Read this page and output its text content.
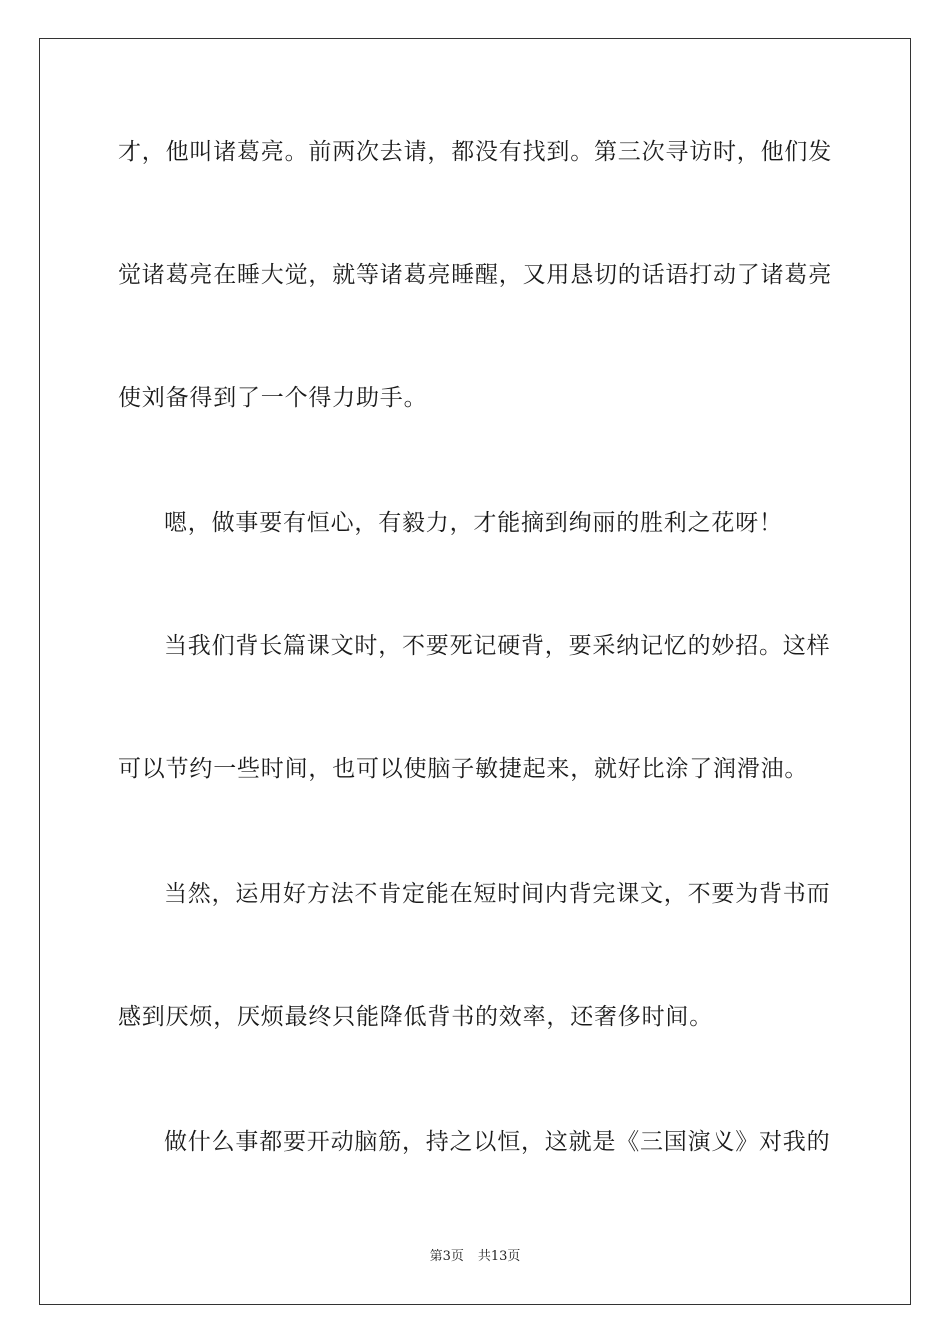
才，他叫诸葛亮。前两次去请，都没有找到。第三次寻访时，他们发
觉诸葛亮在睡大觉，就等诸葛亮睡醒，又用恳切的话语打动了诸葛亮
使刘备得到了一个得力助手。
嗯，做事要有恒心，有毅力，才能摘到绚丽的胜利之花呀！
当我们背长篇课文时，不要死记硬背，要采纳记忆的妙招。这样
可以节约一些时间，也可以使脑子敏捷起来，就好比涂了润滑油。
当然，运用好方法不肯定能在短时间内背完课文，不要为背书而
感到厌烦，厌烦最终只能降低背书的效率，还奢侈时间。
做什么事都要开动脑筋，持之以恒，这就是《三国演义》对我的
第3页 共13页
